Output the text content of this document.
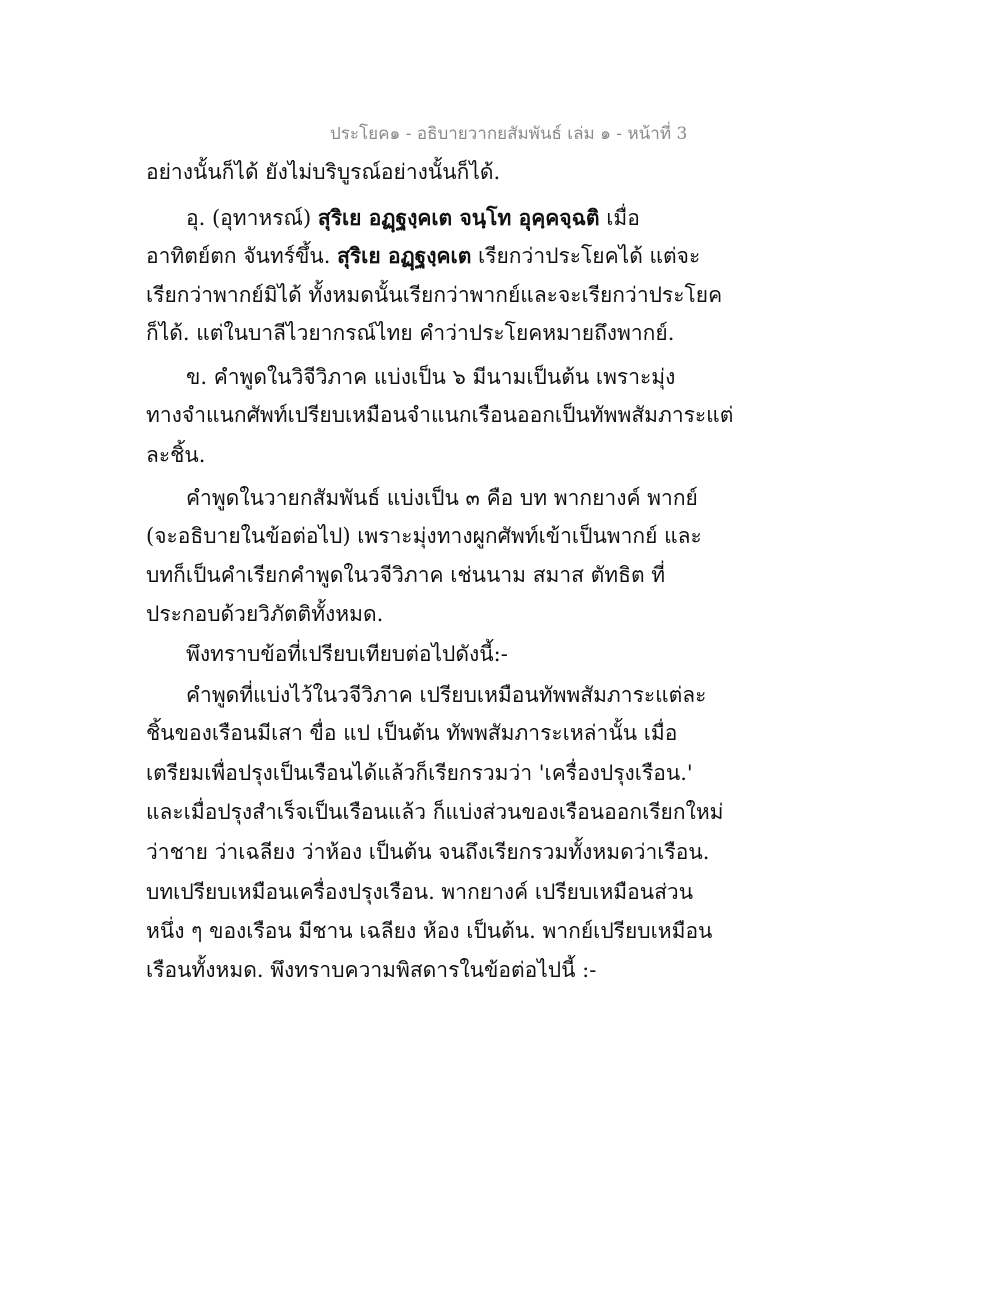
ประโยค๑ - อธิบายวากยสัมพันธ์ เล่ม ๑ - หน้าที่ 3
อย่างนั้นก็ได้ ยังไม่บริบูรณ์อย่างนั้นก็ได้.
อุ. (อุทาหรณ์) สุริเย อฏฺฐงฺคเต จนฺโท อุคฺคจฺฉติ เมื่อ
อาทิตย์ตก จันทร์ขึ้น. สุริเย อฏฺฐงฺคเต เรียกว่าประโยคได้ แต่จะ
เรียกว่าพากย์มิได้ ทั้งหมดนั้นเรียกว่าพากย์และจะเรียกว่าประโยค
ก็ได้. แต่ในบาลีไวยากรณ์ไทย คำว่าประโยคหมายถึงพากย์.
ข. คำพูดในวิจีวิภาค แบ่งเป็น ๖ มีนามเป็นต้น เพราะมุ่ง
ทางจำแนกศัพท์เปรียบเหมือนจำแนกเรือนออกเป็นทัพพสัมภาระแต่
ละชิ้น.
คำพูดในวายกสัมพันธ์ แบ่งเป็น ๓ คือ บท พากยางค์ พากย์
(จะอธิบายในข้อต่อไป) เพราะมุ่งทางผูกศัพท์เข้าเป็นพากย์ และ
บทก็เป็นคำเรียกคำพูดในวจีวิภาค เช่นนาม สมาส ตัทธิต ที่
ประกอบด้วยวิภัตติทั้งหมด.
พึงทราบข้อที่เปรียบเทียบต่อไปดังนี้:-
คำพูดที่แบ่งไว้ในวจีวิภาค เปรียบเหมือนทัพพสัมภาระแต่ละ
ชิ้นของเรือนมีเสา ขื่อ แป เป็นต้น ทัพพสัมภาระเหล่านั้น เมื่อ
เตรียมเพื่อปรุงเป็นเรือนได้แล้วก็เรียกรวมว่า 'เครื่องปรุงเรือน.'
และเมื่อปรุงสำเร็จเป็นเรือนแล้ว ก็แบ่งส่วนของเรือนออกเรียกใหม่
ว่าชาย ว่าเฉลียง ว่าห้อง เป็นต้น จนถึงเรียกรวมทั้งหมดว่าเรือน.
บทเปรียบเหมือนเครื่องปรุงเรือน. พากยางค์ เปรียบเหมือนส่วน
หนึ่ง ๆ ของเรือน มีชาน เฉลียง ห้อง เป็นต้น. พากย์เปรียบเหมือน
เรือนทั้งหมด. พึงทราบความพิสดารในข้อต่อไปนี้ :-
